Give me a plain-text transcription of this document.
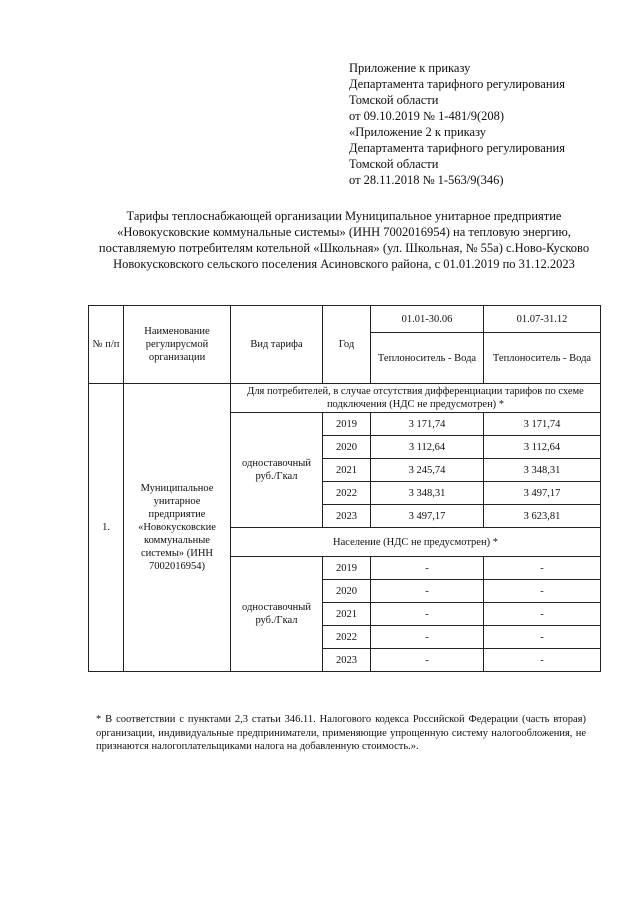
Приложение к приказу
Департамента тарифного регулирования
Томской области
от 09.10.2019 № 1-481/9(208)
«Приложение 2 к приказу
Департамента тарифного регулирования
Томской области
от 28.11.2018 № 1-563/9(346)
Тарифы теплоснабжающей организации Муниципальное унитарное предприятие «Новокусковские коммунальные системы» (ИНН 7002016954) на тепловую энергию, поставляемую потребителям котельной «Школьная» (ул. Школьная, № 55а) с.Ново-Кусково Новокусковского сельского поселения Асиновского района, с 01.01.2019 по 31.12.2023
№ п/п	Наименование регулирусмой организации	Вид тарифа	Год	01.01-30.06	01.07-31.12
				Теплоноситель - Вода	Теплоноситель - Вода
1.	Муниципальное унитарное предприятие «Новокусковские коммунальные системы» (ИНН 7002016954)	Для потребителей, в случае отсутствия дифференциации тарифов по схеме подключения (НДС не предусмотрен) *			
		одноставочный руб./Гкал	2019	3 171,74	3 171,74
			2020	3 112,64	3 112,64
			2021	3 245,74	3 348,31
			2022	3 348,31	3 497,17
			2023	3 497,17	3 623,81
		Население (НДС не предусмотрен) *			
		одноставочный руб./Гкал	2019	-	-
			2020	-	-
			2021	-	-
			2022	-	-
			2023	-	-
* В соответствии с пунктами 2,3 статьи 346.11. Налогового кодекса Российской Федерации (часть вторая) организации, индивидуальные предприниматели, применяющие упрощенную систему налогообложения, не признаются налогоплательщиками налога на добавленную стоимость.».
